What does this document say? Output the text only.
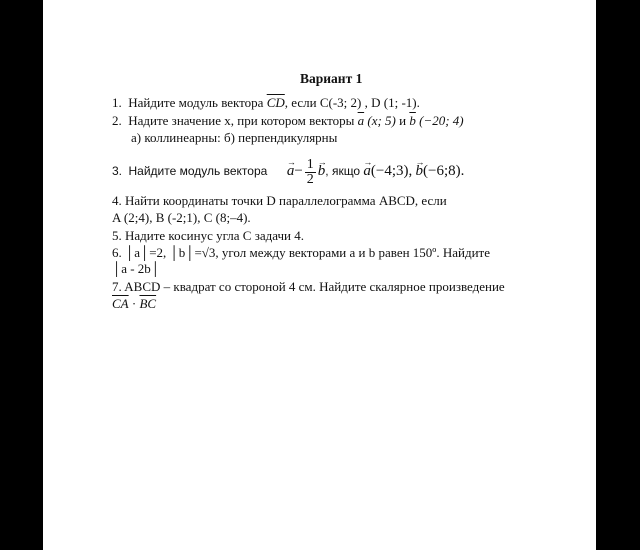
Вариант 1
1. Найдите модуль вектора $\overline{CD}$, если С(-3; 2) , D (1; -1).
2. Надите значение х, при котором векторы $\overline{a}$ (x; 5) и $\overline{b}$ (−20; 4)
а) коллинеарны: б) перпендикулярны
3. Найдите модуль вектора → $a- \frac{1}{2} \to b$, якщо → a(−4;3), → b(−6;8).
4. Найти координаты точки D параллелограмма ABCD, если
A (2;4), B (-2;1), C (8;–4).
5. Надите косинус угла С задачи 4.
6. │a│=2, │b│=√3, угол между векторами a и b равен 150º. Найдите
│a - 2b│
7. ABCD – квадрат со стороной 4 см. Найдите скалярное произведение
$\overline{CA} \cdot \overline{BC}$
